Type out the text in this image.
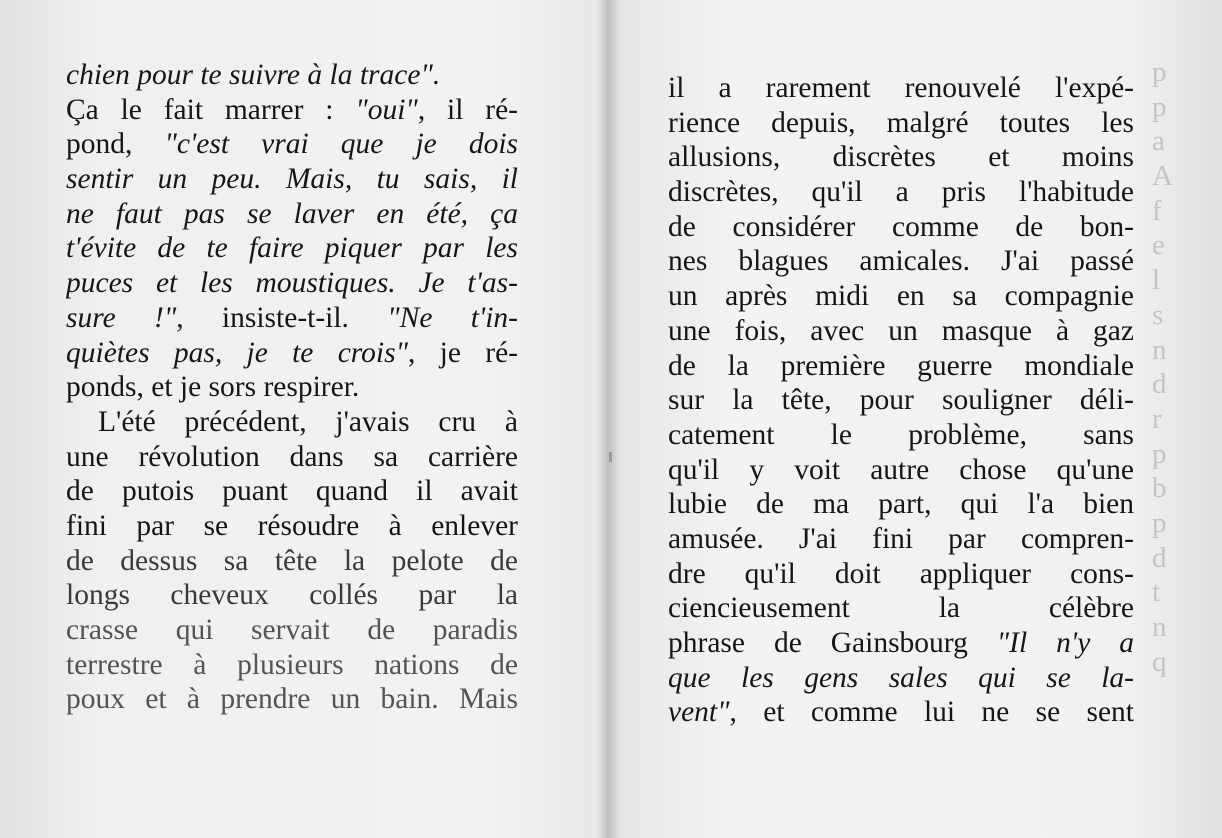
chien pour te suivre à la trace".
Ça le fait marrer : "oui", il ré-
pond, "c'est vrai que je dois
sentir un peu. Mais, tu sais, il
ne faut pas se laver en été, ça
t'évite de te faire piquer par les
puces et les moustiques. Je t'as-
sure !", insiste-t-il. "Ne t'in-
quiètes pas, je te crois", je ré-
ponds, et je sors respirer.
L'été précédent, j'avais cru à
une révolution dans sa carrière
de putois puant quand il avait
fini par se résoudre à enlever
de dessus sa tête la pelote de
longs cheveux collés par la
crasse qui servait de paradis
terrestre à plusieurs nations de
poux et à prendre un bain. Mais
il a rarement renouvelé l'expé-
rience depuis, malgré toutes les
allusions, discrètes et moins
discrètes, qu'il a pris l'habitude
de considérer comme de bon-
nes blagues amicales. J'ai passé
un après midi en sa compagnie
une fois, avec un masque à gaz
de la première guerre mondiale
sur la tête, pour souligner déli-
catement le problème, sans
qu'il y voit autre chose qu'une
lubie de ma part, qui l'a bien
amusée. J'ai fini par compren-
dre qu'il doit appliquer cons-
ciencieusement la célèbre
phrase de Gainsbourg "Il n'y a
que les gens sales qui se la-
vent", et comme lui ne se sent
p
p
a
A
f
e
l
s
n
d
r
p
b
p
d
t
n
q
